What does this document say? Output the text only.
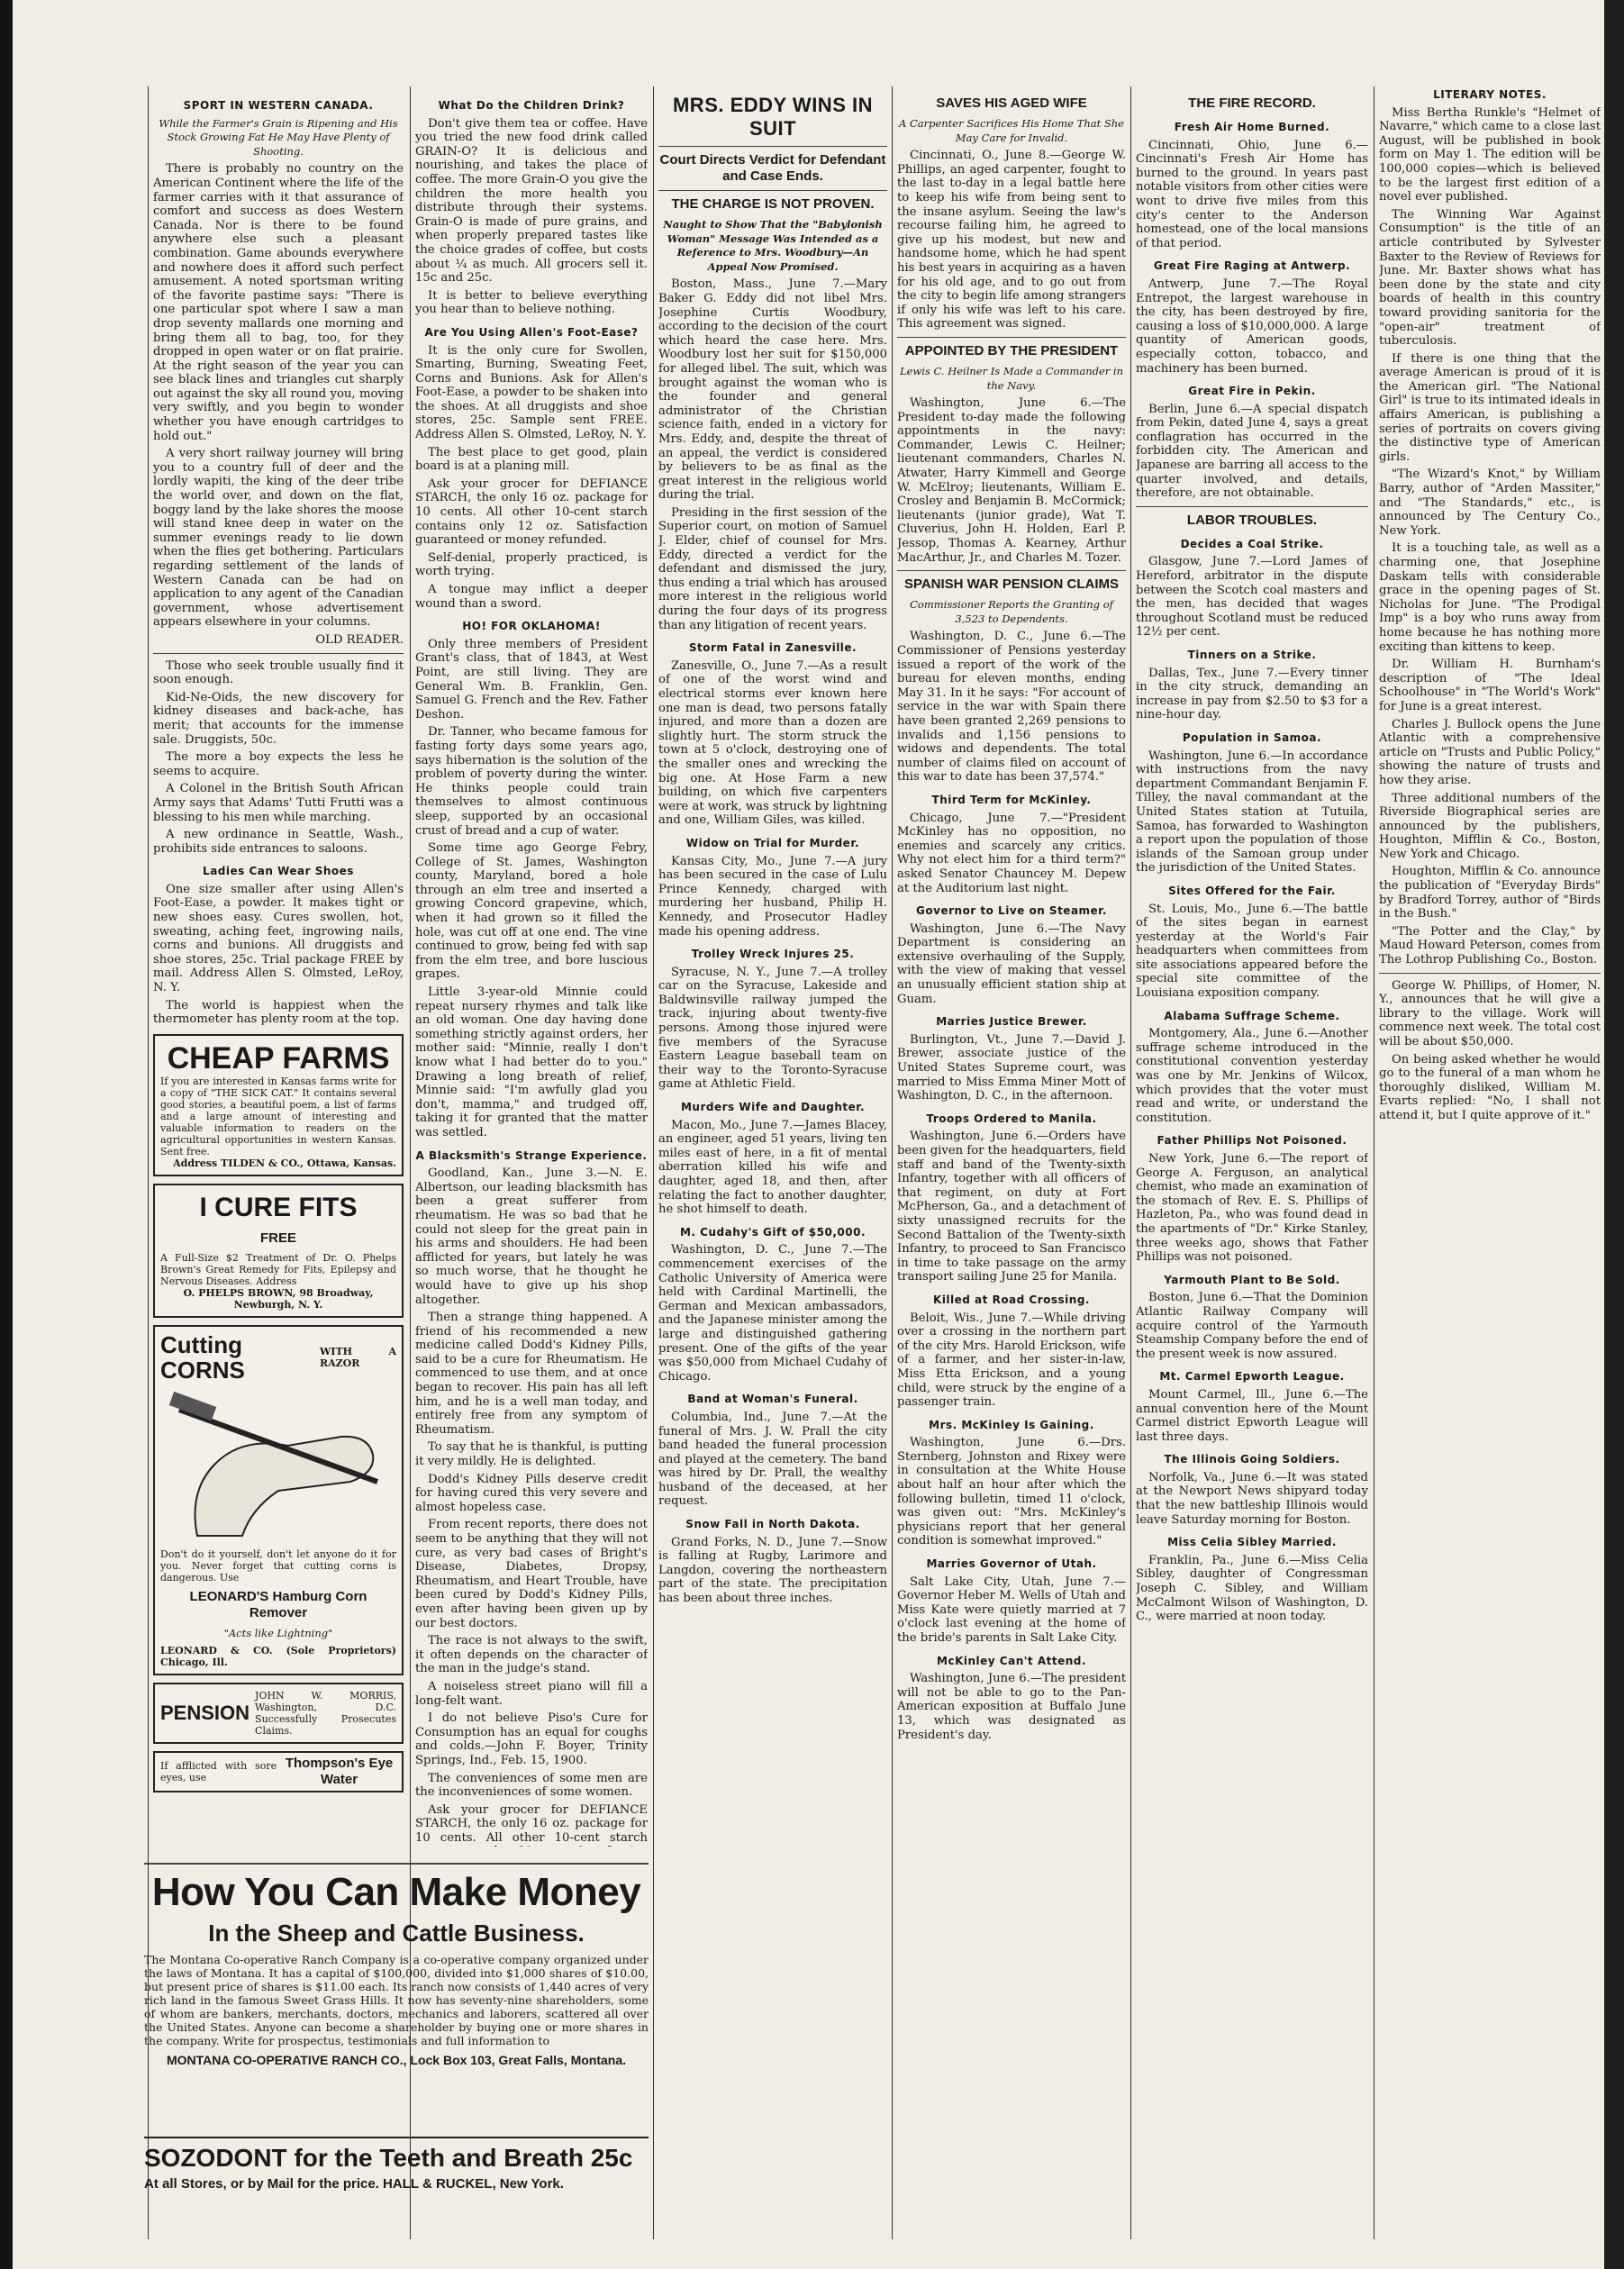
SPORT IN WESTERN CANADA.
While the Farmer's Grain is Ripening and His Stock Growing Fat He May Have Plenty of Shooting.

There is probably no country on the American Continent where the life of the farmer carries with it that assurance of comfort and success as does Western Canada. Nor is there to be found anywhere else such a pleasant combination. Game abounds everywhere and nowhere does it afford such perfect amusement. A noted sportsman writing of the favorite pastime says: "There is one particular spot where I saw a man drop seventy mallards one morning and bring them all to bag, too, for they dropped in open water or on flat prairie. At the right season of the year you can see black lines and triangles cut sharply out against the sky all round you, moving very swiftly, and you begin to wonder whether you have enough cartridges to hold out."

A very short railway journey will bring you to a country full of deer and the lordly wapiti, the king of the deer tribe the world over, and down on the flat, boggy land by the lake shores the moose will stand knee deep in water on the summer evenings ready to lie down when the flies get bothering. Particulars regarding settlement of the lands of Western Canada can be had on application to any agent of the Canadian government, whose advertisement appears elsewhere in your columns.

OLD READER.

Those who seek trouble usually find it soon enough.

Kid-Ne-Oids, the new discovery for kidney diseases and back-ache, has merit; that accounts for the immense sale. Druggists, 50c.

The more a boy expects the less he seems to acquire.

A Colonel in the British South African Army says that Adams' Tutti Frutti was a blessing to his men while marching.

A new ordinance in Seattle, Wash., prohibits side entrances to saloons.

Ladies Can Wear Shoes

One size smaller after using Allen's Foot-Ease, a powder. It makes tight or new shoes easy. Cures swollen, hot, sweating, aching feet, ingrowing nails, corns and bunions. All druggists and shoe stores, 25c. Trial package FREE by mail. Address Allen S. Olmsted, LeRoy, N. Y.

The world is happiest when the thermometer has plenty room at the top.

CHEAP FARMS
If you are interested in Kansas farms write for a copy of "THE SICK CAT." It contains several good stories, a beautiful poem, a list of farms and a large amount of interesting and valuable information to readers on the agricultural opportunities in western Kansas. Sent free.
Address TILDEN & CO., Ottawa, Kansas.
I CURE FITS
FREE
A Full-Size $2 Treatment of Dr. O. Phelps Brown's Great Remedy for Fits, Epilepsy and Nervous Diseases. Address
O. PHELPS BROWN, 98 Broadway, Newburgh, N. Y.
Cutting CORNS
WITH A RAZOR
Don't do it yourself, don't let anyone do it for you. Never forget that cutting corns is dangerous. Use
LEONARD'S Hamburg Corn Remover
"Acts like Lightning"
LEONARD & CO. (Sole Proprietors) Chicago, Ill.
PENSION
JOHN W. MORRIS, Washington, D.C. Successfully Prosecutes Claims.
If afflicted with sore eyes, use
Thompson's Eye Water
What Do the Children Drink?

Don't give them tea or coffee. Have you tried the new food drink called GRAIN-O? It is delicious and nourishing, and takes the place of coffee. The more Grain-O you give the children the more health you distribute through their systems. Grain-O is made of pure grains, and when properly prepared tastes like the choice grades of coffee, but costs about ¼ as much. All grocers sell it. 15c and 25c.

It is better to believe everything you hear than to believe nothing.

Are You Using Allen's Foot-Ease?

It is the only cure for Swollen, Smarting, Burning, Sweating Feet, Corns and Bunions. Ask for Allen's Foot-Ease, a powder to be shaken into the shoes. At all druggists and shoe stores, 25c. Sample sent FREE. Address Allen S. Olmsted, LeRoy, N. Y.

The best place to get good, plain board is at a planing mill.

Ask your grocer for DEFIANCE STARCH, the only 16 oz. package for 10 cents. All other 10-cent starch contains only 12 oz. Satisfaction guaranteed or money refunded.

Self-denial, properly practiced, is worth trying.

A tongue may inflict a deeper wound than a sword.

HO! FOR OKLAHOMA!

Only three members of President Grant's class, that of 1843, at West Point, are still living. They are General Wm. B. Franklin, Gen. Samuel G. French and the Rev. Father Deshon.

Dr. Tanner, who became famous for fasting forty days some years ago, says hibernation is the solution of the problem of poverty during the winter. He thinks people could train themselves to almost continuous sleep, supported by an occasional crust of bread and a cup of water.

Some time ago George Febry, College of St. James, Washington county, Maryland, bored a hole through an elm tree and inserted a growing Concord grapevine, which, when it had grown so it filled the hole, was cut off at one end. The vine continued to grow, being fed with sap from the elm tree, and bore luscious grapes.

Little 3-year-old Minnie could repeat nursery rhymes and talk like an old woman. One day having done something strictly against orders, her mother said: "Minnie, really I don't know what I had better do to you." Drawing a long breath of relief, Minnie said: "I'm awfully glad you don't, mamma," and trudged off, taking it for granted that the matter was settled.

A Blacksmith's Strange Experience.

Goodland, Kan., June 3.—N. E. Albertson, our leading blacksmith has been a great sufferer from rheumatism. He was so bad that he could not sleep for the great pain in his arms and shoulders. He had been afflicted for years, but lately he was so much worse, that he thought he would have to give up his shop altogether.

Then a strange thing happened. A friend of his recommended a new medicine called Dodd's Kidney Pills, said to be a cure for Rheumatism. He commenced to use them, and at once began to recover. His pain has all left him, and he is a well man today, and entirely free from any symptom of Rheumatism.

To say that he is thankful, is putting it very mildly. He is delighted.

Dodd's Kidney Pills deserve credit for having cured this very severe and almost hopeless case.

From recent reports, there does not seem to be anything that they will not cure, as very bad cases of Bright's Disease, Diabetes, Dropsy, Rheumatism, and Heart Trouble, have been cured by Dodd's Kidney Pills, even after having been given up by our best doctors.

The race is not always to the swift, it often depends on the character of the man in the judge's stand.

A noiseless street piano will fill a long-felt want.

I do not believe Piso's Cure for Consumption has an equal for coughs and colds.—John F. Boyer, Trinity Springs, Ind., Feb. 15, 1900.

The conveniences of some men are the inconveniences of some women.

Ask your grocer for DEFIANCE STARCH, the only 16 oz. package for 10 cents. All other 10-cent starch

MRS. EDDY WINS IN SUIT
Court Directs Verdict for Defendant and Case Ends.
THE CHARGE IS NOT PROVEN.
Naught to Show That the "Babylonish Woman" Message Was Intended as a Reference to Mrs. Woodbury—An Appeal Now Promised.

Boston, Mass., June 7.—Mary Baker G. Eddy did not libel Mrs. Josephine Curtis Woodbury, according to the decision of the court which heard the case here. Mrs. Woodbury lost her suit for $150,000 for alleged libel. The suit, which was brought against the woman who is the founder and general administrator of the Christian science faith, ended in a victory for Mrs. Eddy, and, despite the threat of an appeal, the verdict is considered by believers to be as final as the great interest in the religious world during the trial.

Presiding in the first session of the Superior court, on motion of Samuel J. Elder, chief of counsel for Mrs. Eddy, directed a verdict for the defendant and dismissed the jury, thus ending a trial which has aroused more interest in the religious world during the four days of its progress than any litigation of recent years.

Storm Fatal in Zanesville.

Zanesville, O., June 7.—As a result of one of the worst wind and electrical storms ever known here one man is dead, two persons fatally injured, and more than a dozen are slightly hurt. The storm struck the town at 5 o'clock, destroying one of the smaller ones and wrecking the big one. At Hose Farm a new building, on which five carpenters were at work, was struck by lightning and one, William Giles, was killed.

Widow on Trial for Murder.

Kansas City, Mo., June 7.—A jury has been secured in the case of Lulu Prince Kennedy, charged with murdering her husband, Philip H. Kennedy, and Prosecutor Hadley made his opening address.

Trolley Wreck Injures 25.

Syracuse, N. Y., June 7.—A trolley car on the Syracuse, Lakeside and Baldwinsville railway jumped the track, injuring about twenty-five persons. Among those injured were five members of the Syracuse Eastern League baseball team on their way to the Toronto-Syracuse game at Athletic Field.

Murders Wife and Daughter.

Macon, Mo., June 7.—James Blacey, an engineer, aged 51 years, living ten miles east of here, in a fit of mental aberration killed his wife and daughter, aged 18, and then, after relating the fact to another daughter, he shot himself to death.

M. Cudahy's Gift of $50,000.

Washington, D. C., June 7.—The commencement exercises of the Catholic University of America were held with Cardinal Martinelli, the German and Mexican ambassadors, and the Japanese minister among the large and distinguished gathering present. One of the gifts of the year was $50,000 from Michael Cudahy of Chicago.

Band at Woman's Funeral.

Columbia, Ind., June 7.—At the funeral of Mrs. J. W. Prall the city band headed the funeral procession and played at the cemetery. The band was hired by Dr. Prall, the wealthy husband of the deceased, at her request.

Snow Fall in North Dakota.

Grand Forks, N. D., June 7.—Snow is falling at Rugby, Larimore and Langdon, covering the northeastern part of the state. The precipitation has been about three inches.

SAVES HIS AGED WIFE
A Carpenter Sacrifices His Home That She May Care for Invalid.

Cincinnati, O., June 8.—George W. Phillips, an aged carpenter, fought to the last to-day in a legal battle here to keep his wife from being sent to the insane asylum. Seeing the law's recourse failing him, he agreed to give up his modest, but new and handsome home, which he had spent his best years in acquiring as a haven for his old age, and to go out from the city to begin life among strangers if only his wife was left to his care. This agreement was signed.

APPOINTED BY THE PRESIDENT
Lewis C. Heilner Is Made a Commander in the Navy.

Washington, June 6.—The President to-day made the following appointments in the navy: Commander, Lewis C. Heilner; lieutenant commanders, Charles N. Atwater, Harry Kimmell and George W. McElroy; lieutenants, William E. Crosley and Benjamin B. McCormick; lieutenants (junior grade), Wat T. Cluverius, John H. Holden, Earl P. Jessop, Thomas A. Kearney, Arthur MacArthur, Jr., and Charles M. Tozer.

SPANISH WAR PENSION CLAIMS
Commissioner Reports the Granting of 3,523 to Dependents.

Washington, D. C., June 6.—The Commissioner of Pensions yesterday issued a report of the work of the bureau for eleven months, ending May 31. In it he says: "For account of service in the war with Spain there have been granted 2,269 pensions to invalids and 1,156 pensions to widows and dependents. The total number of claims filed on account of this war to date has been 37,574."

Third Term for McKinley.

Chicago, June 7.—"President McKinley has no opposition, no enemies and scarcely any critics. Why not elect him for a third term?" asked Senator Chauncey M. Depew at the Auditorium last night.

Governor to Live on Steamer.

Washington, June 6.—The Navy Department is considering an extensive overhauling of the Supply, with the view of making that vessel an unusually efficient station ship at Guam.

Marries Justice Brewer.

Burlington, Vt., June 7.—David J. Brewer, associate justice of the United States Supreme court, was married to Miss Emma Miner Mott of Washington, D. C., in the afternoon.

Troops Ordered to Manila.

Washington, June 6.—Orders have been given for the headquarters, field staff and band of the Twenty-sixth Infantry, together with all officers of that regiment, on duty at Fort McPherson, Ga., and a detachment of sixty unassigned recruits for the Second Battalion of the Twenty-sixth Infantry, to proceed to San Francisco in time to take passage on the army transport sailing June 25 for Manila.

Killed at Road Crossing.

Beloit, Wis., June 7.—While driving over a crossing in the northern part of the city Mrs. Harold Erickson, wife of a farmer, and her sister-in-law, Miss Etta Erickson, and a young child, were struck by the engine of a passenger train.

Mrs. McKinley Is Gaining.

Washington, June 6.—Drs. Sternberg, Johnston and Rixey were in consultation at the White House about half an hour after which the following bulletin, timed 11 o'clock, was given out: "Mrs. McKinley's physicians report that her general condition is somewhat improved."

Marries Governor of Utah.

Salt Lake City, Utah, June 7.—Governor Heber M. Wells of Utah and Miss Kate were quietly married at 7 o'clock last evening at the home of the bride's parents in Salt Lake City.

McKinley Can't Attend.

Washington, June 6.—The president will not be able to go to the Pan-American exposition at Buffalo June 13, which was designated as President's day.

THE FIRE RECORD.
Fresh Air Home Burned.

Cincinnati, Ohio, June 6.—Cincinnati's Fresh Air Home has burned to the ground. In years past notable visitors from other cities were wont to drive five miles from this city's center to the Anderson homestead, one of the local mansions of that period.

Great Fire Raging at Antwerp.

Antwerp, June 7.—The Royal Entrepot, the largest warehouse in the city, has been destroyed by fire, causing a loss of $10,000,000. A large quantity of American goods, especially cotton, tobacco, and machinery has been burned.

Great Fire in Pekin.

Berlin, June 6.—A special dispatch from Pekin, dated June 4, says a great conflagration has occurred in the forbidden city. The American and Japanese are barring all access to the quarter involved, and details, therefore, are not obtainable.

LABOR TROUBLES.
Decides a Coal Strike.

Glasgow, June 7.—Lord James of Hereford, arbitrator in the dispute between the Scotch coal masters and the men, has decided that wages throughout Scotland must be reduced 12½ per cent.

Tinners on a Strike.

Dallas, Tex., June 7.—Every tinner in the city struck, demanding an increase in pay from $2.50 to $3 for a nine-hour day.

Population in Samoa.

Washington, June 6.—In accordance with instructions from the navy department Commandant Benjamin F. Tilley, the naval commandant at the United States station at Tutuila, Samoa, has forwarded to Washington a report upon the population of those islands of the Samoan group under the jurisdiction of the United States.

Sites Offered for the Fair.

St. Louis, Mo., June 6.—The battle of the sites began in earnest yesterday at the World's Fair headquarters when committees from site associations appeared before the special site committee of the Louisiana exposition company.

Alabama Suffrage Scheme.

Montgomery, Ala., June 6.—Another suffrage scheme introduced in the constitutional convention yesterday was one by Mr. Jenkins of Wilcox, which provides that the voter must read and write, or understand the constitution.

Father Phillips Not Poisoned.

New York, June 6.—The report of George A. Ferguson, an analytical chemist, who made an examination of the stomach of Rev. E. S. Phillips of Hazleton, Pa., who was found dead in the apartments of "Dr." Kirke Stanley, three weeks ago, shows that Father Phillips was not poisoned.

Yarmouth Plant to Be Sold.

Boston, June 6.—That the Dominion Atlantic Railway Company will acquire control of the Yarmouth Steamship Company before the end of the present week is now assured.

Mt. Carmel Epworth League.

Mount Carmel, Ill., June 6.—The annual convention here of the Mount Carmel district Epworth League will last three days.

The Illinois Going Soldiers.

Norfolk, Va., June 6.—It was stated at the Newport News shipyard today that the new battleship Illinois would leave Saturday morning for Boston.

Miss Celia Sibley Married.

Franklin, Pa., June 6.—Miss Celia Sibley, daughter of Congressman Joseph C. Sibley, and William McCalmont Wilson of Washington, D. C., were married at noon today.

LITERARY NOTES.

Miss Bertha Runkle's "Helmet of Navarre," which came to a close last August, will be published in book form on May 1. The edition will be 100,000 copies—which is believed to be the largest first edition of a novel ever published.

The Winning War Against Consumption" is the title of an article contributed by Sylvester Baxter to the Review of Reviews for June. Mr. Baxter shows what has been done by the state and city boards of health in this country toward providing sanitoria for the "open-air" treatment of tuberculosis.

If there is one thing that the average American is proud of it is the American girl. "The National Girl" is true to its intimated ideals in affairs American, is publishing a series of portraits on covers giving the distinctive type of American girls.

"The Wizard's Knot," by William Barry, author of "Arden Massiter," and "The Standards," etc., is announced by The Century Co., New York.

It is a touching tale, as well as a charming one, that Josephine Daskam tells with considerable grace in the opening pages of St. Nicholas for June. "The Prodigal Imp" is a boy who runs away from home because he has nothing more exciting than kittens to keep.

Dr. William H. Burnham's description of "The Ideal Schoolhouse" in "The World's Work" for June is a great interest.

Charles J. Bullock opens the June Atlantic with a comprehensive article on "Trusts and Public Policy," showing the nature of trusts and how they arise.

Three additional numbers of the Riverside Biographical series are announced by the publishers, Houghton, Mifflin & Co., Boston, New York and Chicago.

Houghton, Mifflin & Co. announce the publication of "Everyday Birds" by Bradford Torrey, author of "Birds in the Bush."

"The Potter and the Clay," by Maud Howard Peterson, comes from The Lothrop Publishing Co., Boston.

George W. Phillips, of Homer, N. Y., announces that he will give a library to the village. Work will commence next week. The total cost will be about $50,000.

On being asked whether he would go to the funeral of a man whom he thoroughly disliked, William M. Evarts replied: "No, I shall not attend it, but I quite approve of it."

How You Can Make Money
In the Sheep and Cattle Business.
The Montana Co-operative Ranch Company is a co-operative company organized under the laws of Montana. It has a capital of $100,000, divided into $1,000 shares of $10.00, but present price of shares is $11.00 each. Its ranch now consists of 1,440 acres of very rich land in the famous Sweet Grass Hills. It now has seventy-nine shareholders, some of whom are bankers, merchants, doctors, mechanics and laborers, scattered all over the United States. Anyone can become a shareholder by buying one or more shares in the company. Write for prospectus, testimonials and full information to
MONTANA CO-OPERATIVE RANCH CO., Lock Box 103, Great Falls, Montana.
SOZODONT for the Teeth and Breath 25c
At all Stores, or by Mail for the price. HALL & RUCKEL, New York.
